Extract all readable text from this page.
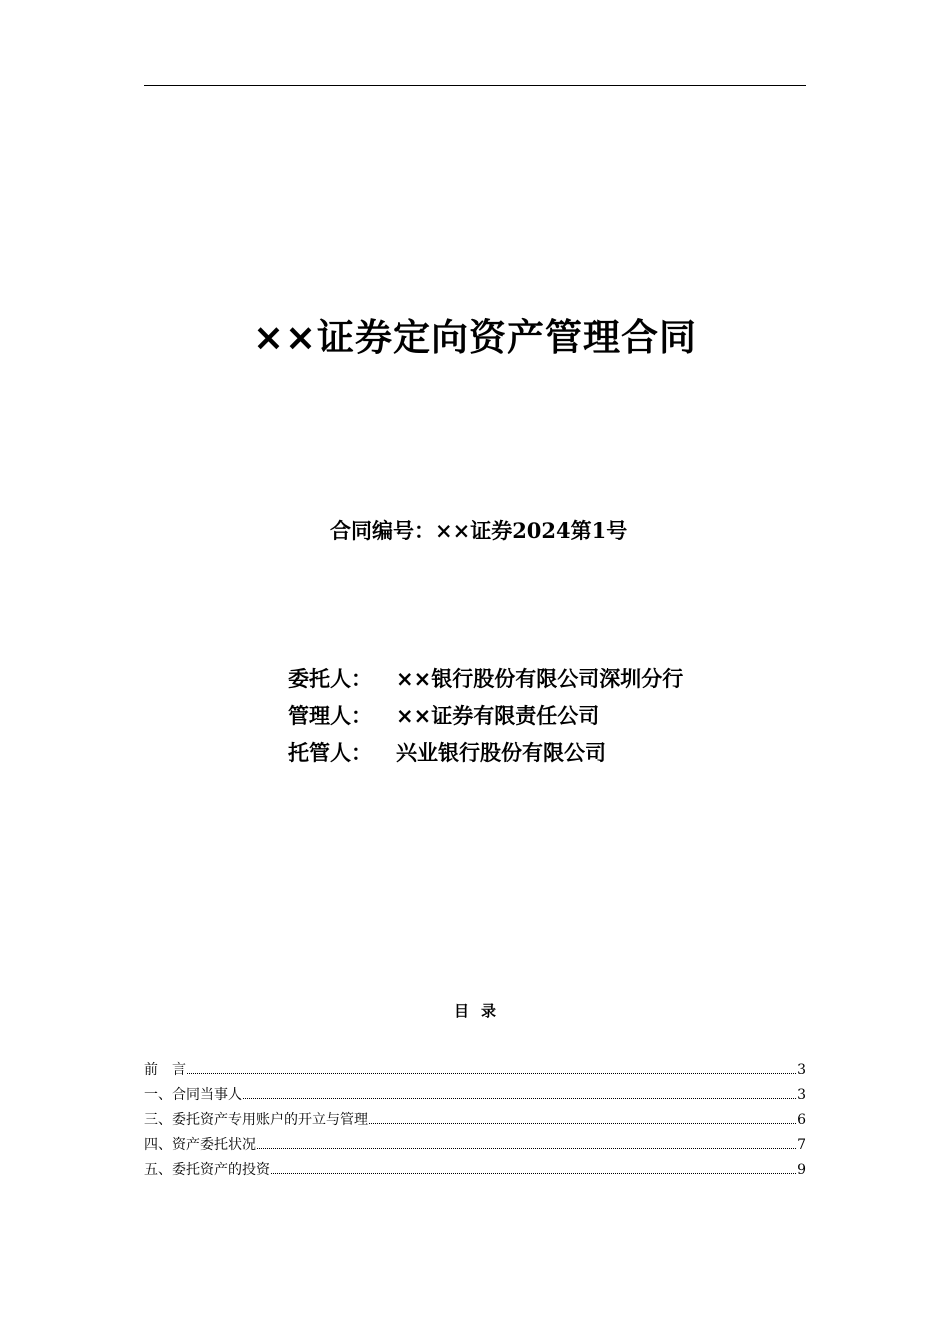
××证券定向资产管理合同
合同编号：××证券2024第1号
委托人： ××银行股份有限公司深圳分行
管理人： ××证券有限责任公司
托管人： 兴业银行股份有限公司
目录
前　言	3
一、合同当事人	3
三、委托资产专用账户的开立与管理	6
四、资产委托状况	7
五、委托资产的投资	9
